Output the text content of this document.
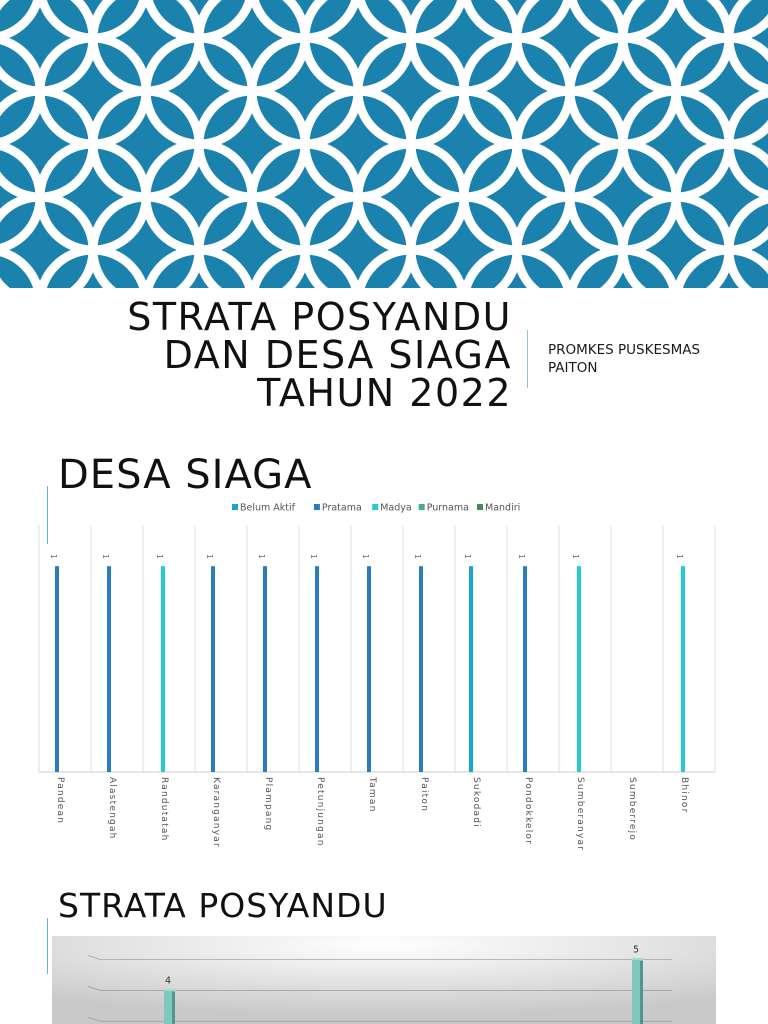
STRATA POSYANDU
DAN DESA SIAGA
TAHUN 2022
PROMKES PUSKESMAS
PAITON
DESA SIAGA
Belum Aktif	Pratama Madya Purnama Mandiri
1
Pandean
1
Alastengah
1
Randutatah
1
Karanganyar
1
Plampang
1
Petunjungan
1
Taman
1
Paiton
1
Sukodadi
1
Pondokkelor
1
Sumberanyar	Sumberrejo
1
Bhinor
STRATA POSYANDU
4
5
